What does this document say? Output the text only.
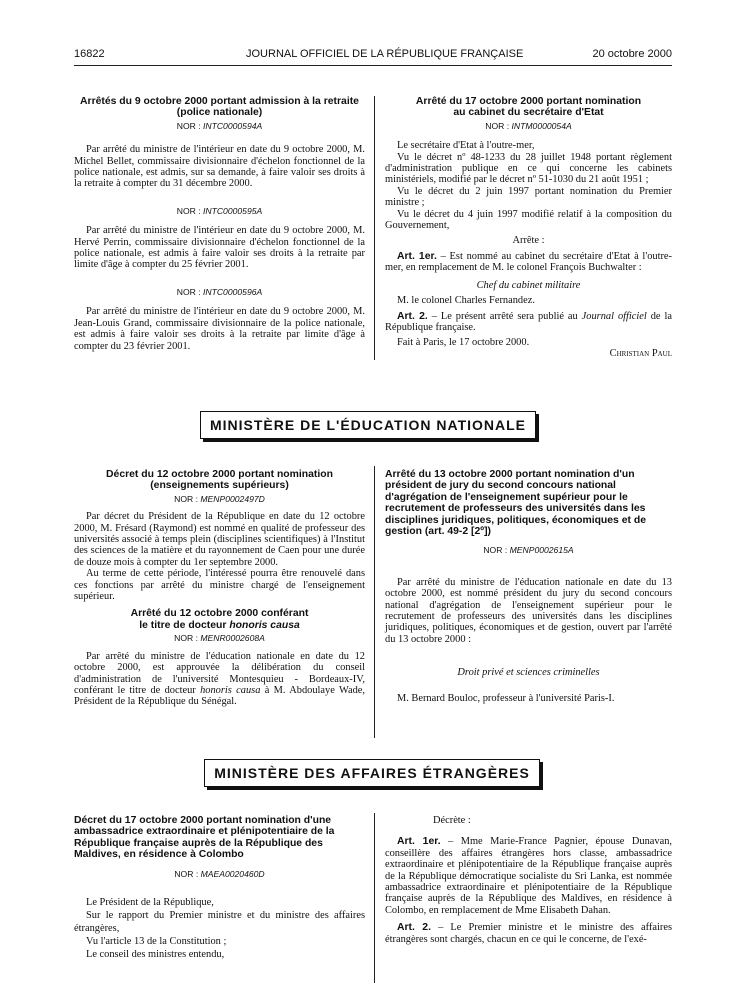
16822	JOURNAL OFFICIEL DE LA RÉPUBLIQUE FRANÇAISE	20 octobre 2000
Arrêtés du 9 octobre 2000 portant admission à la retraite
(police nationale)
NOR : INTC0000594A

Par arrêté du ministre de l'intérieur en date du 9 octobre 2000, M. Michel Bellet, commissaire divisionnaire d'échelon fonctionnel de la police nationale, est admis, sur sa demande, à faire valoir ses droits à la retraite à compter du 31 décembre 2000.

NOR : INTC0000595A

Par arrêté du ministre de l'intérieur en date du 9 octobre 2000, M. Hervé Perrin, commissaire divisionnaire d'échelon fonctionnel de la police nationale, est admis à faire valoir ses droits à la retraite par limite d'âge à compter du 25 février 2001.

NOR : INTC0000596A

Par arrêté du ministre de l'intérieur en date du 9 octobre 2000, M. Jean-Louis Grand, commissaire divisionnaire de la police nationale, est admis à faire valoir ses droits à la retraite par limite d'âge à compter du 23 février 2001.

Arrêté du 17 octobre 2000 portant nomination
au cabinet du secrétaire d'Etat
NOR : INTM0000054A

Le secrétaire d'Etat à l'outre-mer,

Vu le décret nº 48-1233 du 28 juillet 1948 portant règlement d'administration publique en ce qui concerne les cabinets ministériels, modifié par le décret nº 51-1030 du 21 août 1951 ;

Vu le décret du 2 juin 1997 portant nomination du Premier ministre ;

Vu le décret du 4 juin 1997 modifié relatif à la composition du Gouvernement,

Arrête :

Art. 1er. – Est nommé au cabinet du secrétaire d'Etat à l'outre-mer, en remplacement de M. le colonel François Buchwalter :

Chef du cabinet militaire

M. le colonel Charles Fernandez.

Art. 2. – Le présent arrêté sera publié au Journal officiel de la République française.

Fait à Paris, le 17 octobre 2000.

Christian Paul

MINISTÈRE DE L'ÉDUCATION NATIONALE
Décret du 12 octobre 2000 portant nomination
(enseignements supérieurs)
NOR : MENP0002497D

Par décret du Président de la République en date du 12 octobre 2000, M. Frésard (Raymond) est nommé en qualité de professeur des universités associé à temps plein (disciplines scientifiques) à l'Institut des sciences de la matière et du rayonnement de Caen pour une durée de douze mois à compter du 1er septembre 2000.

Au terme de cette période, l'intéressé pourra être renouvelé dans ces fonctions par arrêté du ministre chargé de l'enseignement supérieur.

Arrêté du 12 octobre 2000 conférant
le titre de docteur honoris causa
NOR : MENR0002608A

Par arrêté du ministre de l'éducation nationale en date du 12 octobre 2000, est approuvée la délibération du conseil d'administration de l'université Montesquieu - Bordeaux-IV, conférant le titre de docteur honoris causa à M. Abdoulaye Wade, Président de la République du Sénégal.

Arrêté du 13 octobre 2000 portant nomination d'un président de jury du second concours national d'agrégation de l'enseignement supérieur pour le recrutement de professeurs des universités dans les disciplines juridiques, politiques, économiques et de gestion (art. 49-2 [2º])
NOR : MENP0002615A

Par arrêté du ministre de l'éducation nationale en date du 13 octobre 2000, est nommé président du jury du second concours national d'agrégation de l'enseignement supérieur pour le recrutement de professeurs des universités dans les disciplines juridiques, politiques, économiques et de gestion, ouvert par l'arrêté du 13 octobre 2000 :

Droit privé et sciences criminelles

M. Bernard Bouloc, professeur à l'université Paris-I.

MINISTÈRE DES AFFAIRES ÉTRANGÈRES
Décret du 17 octobre 2000 portant nomination d'une ambassadrice extraordinaire et plénipotentiaire de la République française auprès de la République des Maldives, en résidence à Colombo
NOR : MAEA0020460D

Le Président de la République,

Sur le rapport du Premier ministre et du ministre des affaires étrangères,

Vu l'article 13 de la Constitution ;

Le conseil des ministres entendu,

Décrète :

Art. 1er. – Mme Marie-France Pagnier, épouse Dunavan, conseillère des affaires étrangères hors classe, ambassadrice extraordinaire et plénipotentiaire de la République française auprès de la République démocratique socialiste du Sri Lanka, est nommée ambassadrice extraordinaire et plénipotentiaire de la République française auprès de la République des Maldives, en résidence à Colombo, en remplacement de Mme Elisabeth Dahan.

Art. 2. – Le Premier ministre et le ministre des affaires étrangères sont chargés, chacun en ce qui le concerne, de l'exé-
